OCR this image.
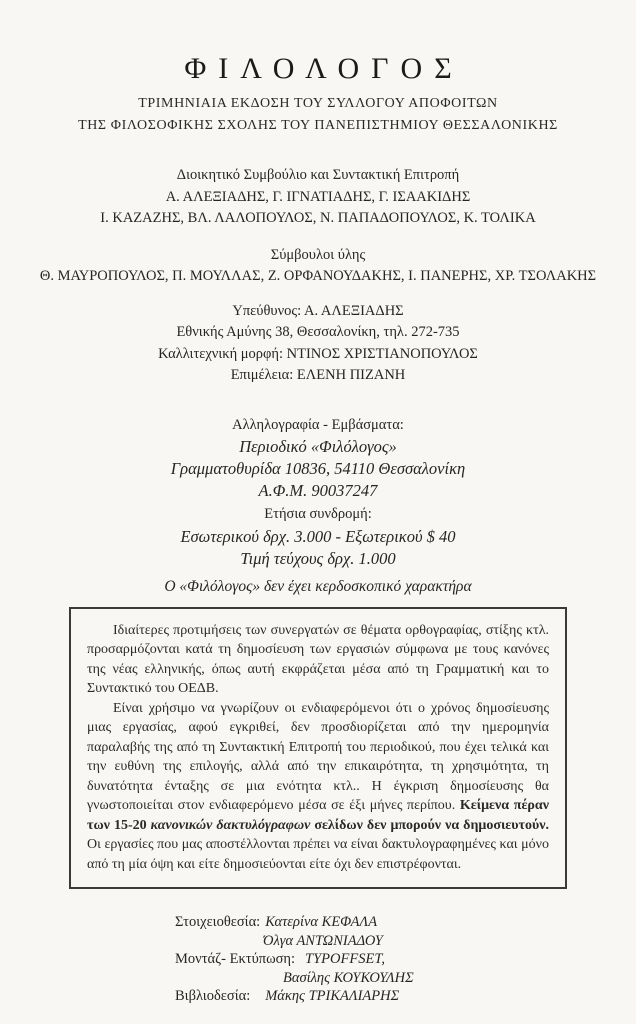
ΦΙΛΟΛΟΓΟΣ
ΤΡΙΜΗΝΙΑΙΑ ΕΚΔΟΣΗ ΤΟΥ ΣΥΛΛΟΓΟΥ ΑΠΟΦΟΙΤΩΝ
ΤΗΣ ΦΙΛΟΣΟΦΙΚΗΣ ΣΧΟΛΗΣ ΤΟΥ ΠΑΝΕΠΙΣΤΗΜΙΟΥ ΘΕΣΣΑΛΟΝΙΚΗΣ
Διοικητικό Συμβούλιο και Συντακτική Επιτροπή
Α. ΑΛΕΞΙΑΔΗΣ, Γ. ΙΓΝΑΤΙΑΔΗΣ, Γ. ΙΣΑΑΚΙΔΗΣ
Ι. ΚΑΖΑΖΗΣ, ΒΛ. ΛΑΛΟΠΟΥΛΟΣ, Ν. ΠΑΠΑΔΟΠΟΥΛΟΣ, Κ. ΤΟΛΙΚΑ
Σύμβουλοι ύλης
Θ. ΜΑΥΡΟΠΟΥΛΟΣ, Π. ΜΟΥΛΛΑΣ, Ζ. ΟΡΦΑΝΟΥΔΑΚΗΣ, Ι. ΠΑΝΕΡΗΣ, ΧΡ. ΤΣΟΛΑΚΗΣ
Υπεύθυνος: Α. ΑΛΕΞΙΑΔΗΣ
Εθνικής Αμύνης 38, Θεσσαλονίκη, τηλ. 272-735
Καλλιτεχνική μορφή: ΝΤΙΝΟΣ ΧΡΙΣΤΙΑΝΟΠΟΥΛΟΣ
Επιμέλεια: ΕΛΕΝΗ ΠΙΖΑΝΗ
Αλληλογραφία - Εμβάσματα:
Περιοδικό «Φιλόλογος»
Γραμματοθυρίδα 10836, 54110 Θεσσαλονίκη
Α.Φ.Μ. 90037247
Ετήσια συνδρομή:
Εσωτερικού δρχ. 3.000 - Εξωτερικού $ 40
Τιμή τεύχους δρχ. 1.000
Ο «Φιλόλογος» δεν έχει κερδοσκοπικό χαρακτήρα

Ιδιαίτερες προτιμήσεις των συνεργατών σε θέματα ορθογραφίας, στίξης κτλ. προσαρμόζονται κατά τη δημοσίευση των εργασιών σύμφωνα με τους κανόνες της νέας ελληνικής, όπως αυτή εκφράζεται μέσα από τη Γραμματική και το Συντακτικό του ΟΕΔΒ.

Είναι χρήσιμο να γνωρίζουν οι ενδιαφερόμενοι ότι ο χρόνος δημοσίευσης μιας εργασίας, αφού εγκριθεί, δεν προσδιορίζεται από την ημερομηνία παραλαβής της από τη Συντακτική Επιτροπή του περιοδικού, που έχει τελικά και την ευθύνη της επιλογής, αλλά από την επικαιρότητα, τη χρησιμότητα, τη δυνατότητα ένταξης σε μια ενότητα κτλ.. Η έγκριση δημοσίευσης θα γνωστοποιείται στον ενδιαφερόμενο μέσα σε έξι μήνες περίπου. Κείμενα πέραν των 15-20 κανονικών δακτυλόγραφων σελίδων δεν μπορούν να δημοσιευτούν. Οι εργασίες που μας αποστέλλονται πρέπει να είναι δακτυλογραφημένες και μόνο από τη μία όψη και είτε δημοσιεύονται είτε όχι δεν επιστρέφονται.

Στοιχειοθεσία: Κατερίνα ΚΕΦΑΛΑ
Όλγα ΑΝΤΩΝΙΑΔΟΥ
Μοντάζ- Εκτύπωση: TYPOFFSET,
Βασίλης ΚΟΥΚΟΥΛΗΣ
Βιβλιοδεσία: Μάκης ΤΡΙΚΑΛΙΑΡΗΣ
